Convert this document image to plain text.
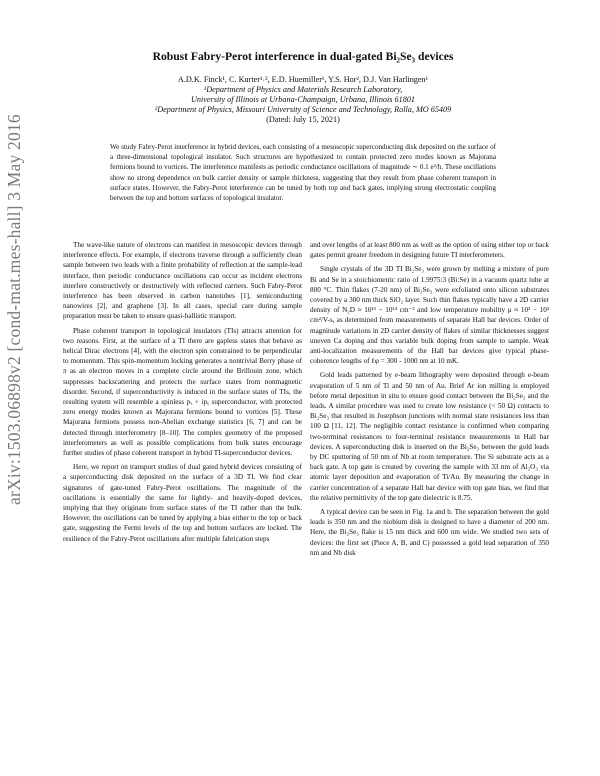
arXiv:1503.06898v2 [cond-mat.mes-hall] 3 May 2016
Robust Fabry-Perot interference in dual-gated Bi₂Se₃ devices
A.D.K. Finck¹, C. Kurter¹˒², E.D. Huemiller¹, Y.S. Hor², D.J. Van Harlingen¹
¹Department of Physics and Materials Research Laboratory,
University of Illinois at Urbana-Champaign, Urbana, Illinois 61801
²Department of Physics, Missouri University of Science and Technology, Rolla, MO 65409
(Dated: July 15, 2021)
We study Fabry-Perot interference in hybrid devices, each consisting of a mesoscopic superconducting disk deposited on the surface of a three-dimensional topological insulator. Such structures are hypothesized to contain protected zero modes known as Majorana fermions bound to vortices. The interference manifests as periodic conductance oscillations of magnitude ∼ 0.1 e²/h. These oscillations show no strong dependence on bulk carrier density or sample thickness, suggesting that they result from phase coherent transport in surface states. However, the Fabry-Perot interference can be tuned by both top and back gates, implying strong electrostatic coupling between the top and bottom surfaces of topological insulator.

The wave-like nature of electrons can manifest in mesoscopic devices through interference effects. For example, if electrons traverse through a sufficiently clean sample between two leads with a finite probability of reflection at the sample-lead interface, then periodic conductance oscillations can occur as incident electrons interfere constructively or destructively with reflected carriers. Such Fabry-Perot interference has been observed in carbon nanotubes [1], semiconducting nanowires [2], and graphene [3]. In all cases, special care during sample preparation must be taken to ensure quasi-ballistic transport.

Phase coherent transport in topological insulators (TIs) attracts attention for two reasons. First, at the surface of a TI there are gapless states that behave as helical Dirac electrons [4], with the electron spin constrained to be perpendicular to momentum. This spin-momentum locking generates a nontrivial Berry phase of π as an electron moves in a complete circle around the Brillouin zone, which suppresses backscattering and protects the surface states from nonmagnetic disorder. Second, if superconductivity is induced in the surface states of TIs, the resulting system will resemble a spinless pₓ + ipᵧ superconductor, with protected zero energy modes known as Majorana fermions bound to vortices [5]. These Majorana fermions possess non-Abelian exchange statistics [6, 7] and can be detected through interferometry [8–10]. The complex geometry of the proposed interferometers as well as possible complications from bulk states encourage further studies of phase coherent transport in hybrid TI-superconductor devices.

Here, we report on transport studies of dual gated hybrid devices consisting of a superconducting disk deposited on the surface of a 3D TI. We find clear signatures of gate-tuned Fabry-Perot oscillations. The magnitude of the oscillations is essentially the same for lightly- and heavily-doped devices, implying that they originate from surface states of the TI rather than the bulk. However, the oscillations can be tuned by applying a bias either to the top or back gate, suggesting the Fermi levels of the top and bottom surfaces are locked. The resilience of the Fabry-Perot oscillations after multiple fabrication steps

and over lengths of at least 800 nm as well as the option of using either top or back gates permit greater freedom in designing future TI interferometers.

Single crystals of the 3D TI Bi₂Se₃ were grown by melting a mixture of pure Bi and Se in a stoichiometric ratio of 1.9975:3 (Bi:Se) in a vacuum quartz tube at 800 °C. Thin flakes (7-20 nm) of Bi₂Se₃ were exfoliated onto silicon substrates covered by a 300 nm thick SiO₂ layer. Such thin flakes typically have a 2D carrier density of N₂D ≈ 10¹³ − 10¹⁴ cm⁻² and low temperature mobility μ ≈ 10² − 10³ cm²/V-s, as determined from measurements of separate Hall bar devices. Order of magnitude variations in 2D carrier density of flakes of similar thicknesses suggest uneven Ca doping and thus variable bulk doping from sample to sample. Weak anti-localization measurements of the Hall bar devices give typical phase-coherence lengths of ℓφ = 300 - 1000 nm at 10 mK.

Gold leads patterned by e-beam lithography were deposited through e-beam evaporation of 5 nm of Ti and 50 nm of Au. Brief Ar ion milling is employed before metal deposition in situ to ensure good contact between the Bi₂Se₃ and the leads. A similar procedure was used to create low resistance (< 50 Ω) contacts to Bi₂Se₃ that resulted in Josephson junctions with normal state resistances less than 100 Ω [11, 12]. The negligible contact resistance is confirmed when comparing two-terminal resistances to four-terminal resistance measurements in Hall bar devices. A superconducting disk is inserted on the Bi₂Se₃ between the gold leads by DC sputtering of 50 nm of Nb at room temperature. The Si substrate acts as a back gate. A top gate is created by covering the sample with 33 nm of Al₂O₃ via atomic layer deposition and evaporation of Ti/Au. By measuring the change in carrier concentration of a separate Hall bar device with top gate bias, we find that the relative permittivity of the top gate dielectric is 8.75.

A typical device can be seen in Fig. 1a and b. The separation between the gold leads is 350 nm and the niobium disk is designed to have a diameter of 200 nm. Here, the Bi₂Se₃ flake is 15 nm thick and 600 nm wide. We studied two sets of devices: the first set (Piece A, B, and C) possessed a gold lead separation of 350 nm and Nb disk
